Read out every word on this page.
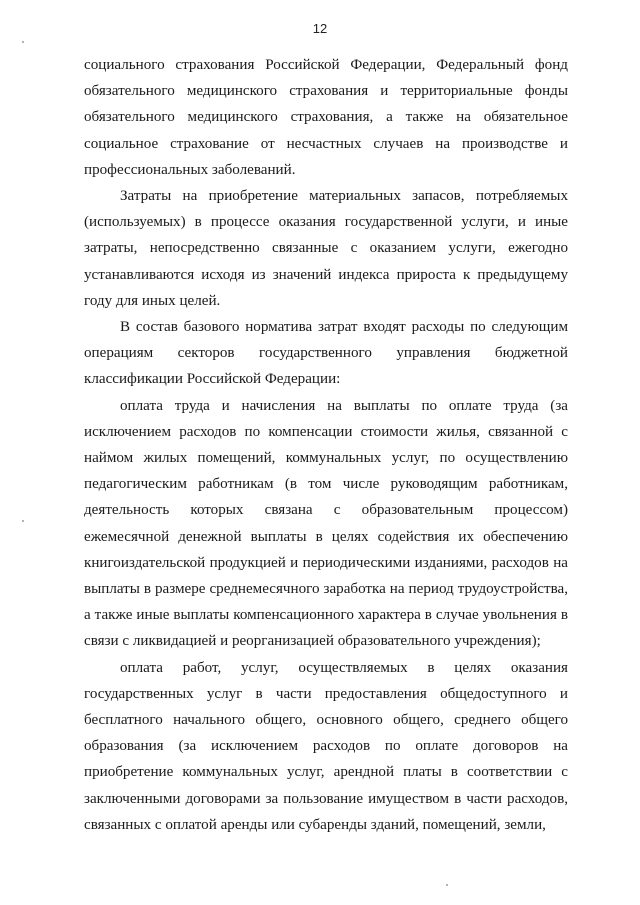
12

социального страхования Российской Федерации, Федеральный фонд обязательного медицинского страхования и территориальные фонды обязательного медицинского страхования, а также на обязательное социальное страхование от несчастных случаев на производстве и профессиональных заболеваний.

Затраты на приобретение материальных запасов, потребляемых (используемых) в процессе оказания государственной услуги, и иные затраты, непосредственно связанные с оказанием услуги, ежегодно устанавливаются исходя из значений индекса прироста к предыдущему году для иных целей.

В состав базового норматива затрат входят расходы по следующим операциям секторов государственного управления бюджетной классификации Российской Федерации:

оплата труда и начисления на выплаты по оплате труда (за исключением расходов по компенсации стоимости жилья, связанной с наймом жилых помещений, коммунальных услуг, по осуществлению педагогическим работникам (в том числе руководящим работникам, деятельность которых связана с образовательным процессом) ежемесячной денежной выплаты в целях содействия их обеспечению книгоиздательской продукцией и периодическими изданиями, расходов на выплаты в размере среднемесячного заработка на период трудоустройства, а также иные выплаты компенсационного характера в случае увольнения в связи с ликвидацией и реорганизацией образовательного учреждения);

оплата работ, услуг, осуществляемых в целях оказания государственных услуг в части предоставления общедоступного и бесплатного начального общего, основного общего, среднего общего образования (за исключением расходов по оплате договоров на приобретение коммунальных услуг, арендной платы в соответствии с заключенными договорами за пользование имуществом в части расходов, связанных с оплатой аренды или субаренды зданий, помещений, земли,
